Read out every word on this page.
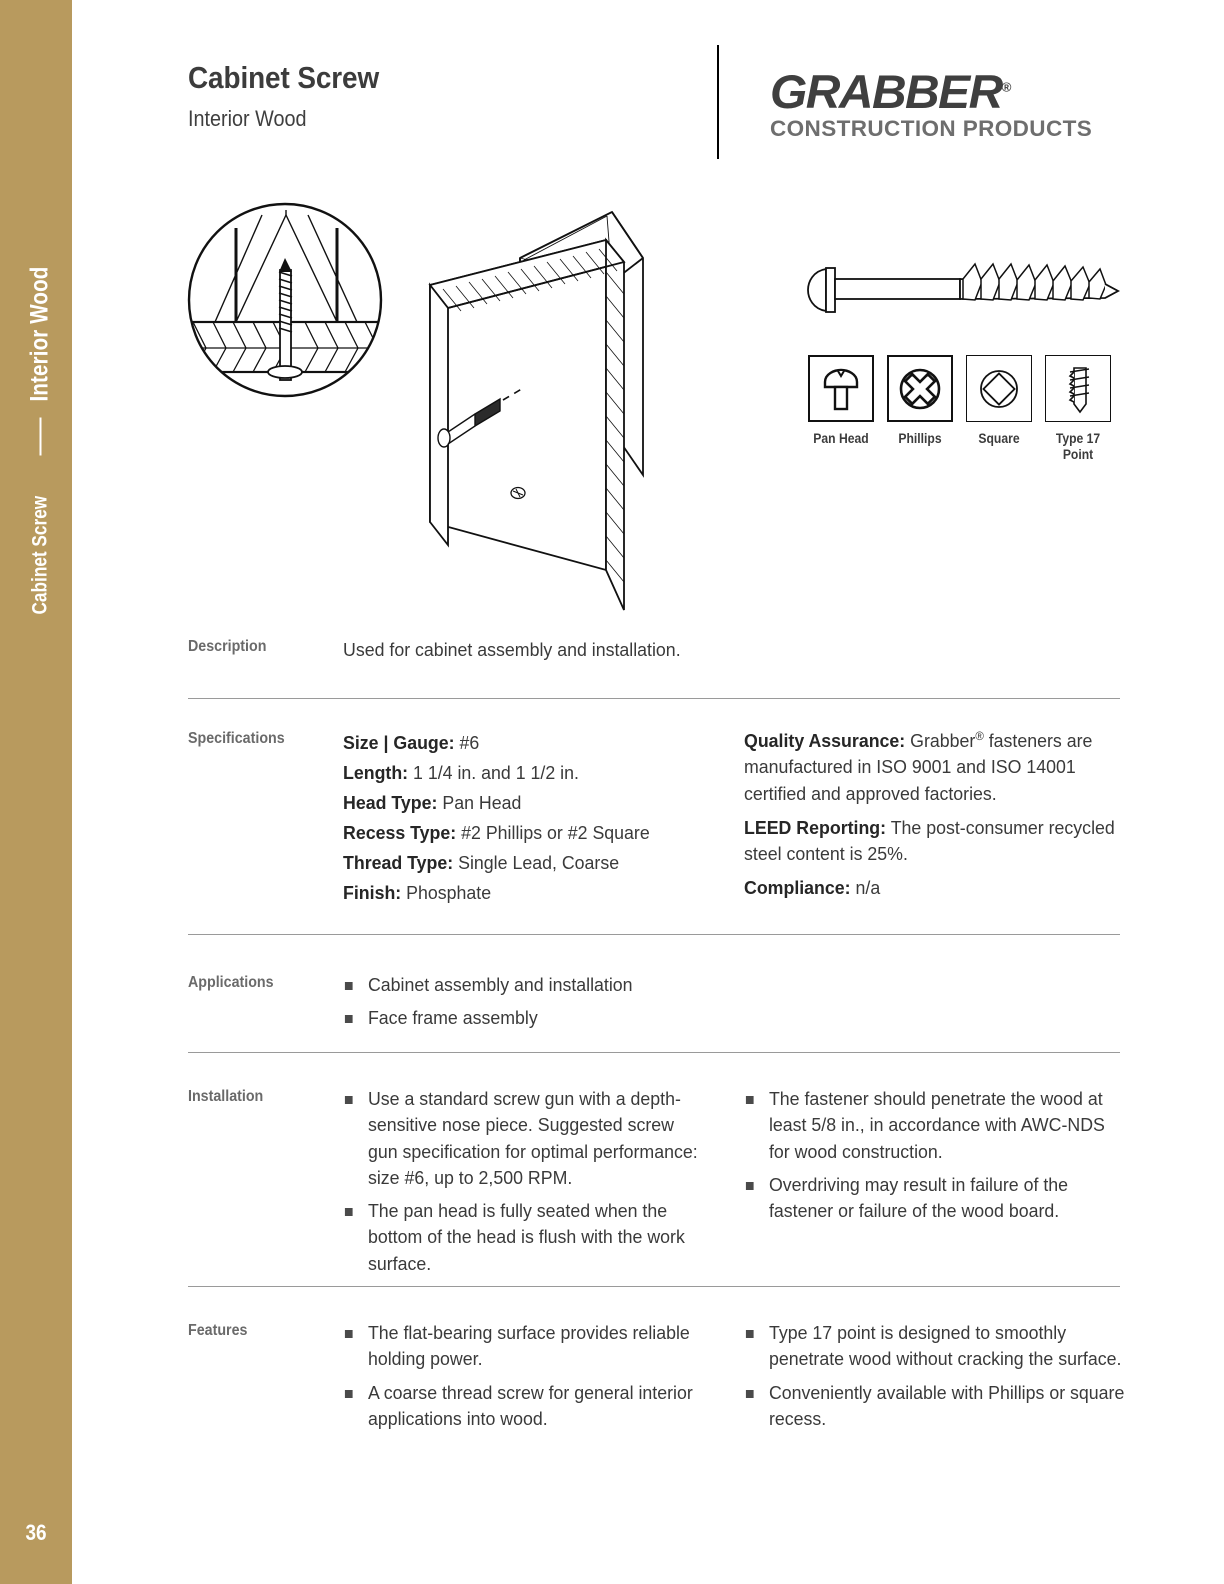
Cabinet Screw
Interior Wood
36
Cabinet Screw
Interior Wood
GRABBER®
CONSTRUCTION PRODUCTS
Pan Head	Phillips	Square	Type 17
Point
Description	Used for cabinet assembly and installation.
Specifications	Size | Gauge: #6
Length: 1 1/4 in. and 1 1/2 in.
Head Type: Pan Head
Recess Type: #2 Phillips or #2 Square
Thread Type: Single Lead, Coarse
Finish: Phosphate
Quality Assurance: Grabber® fasteners are manufactured in ISO 9001 and ISO 14001 certified and approved factories.
LEED Reporting: The post-consumer recycled steel content is 25%.
Compliance: n/a
Applications	Cabinet assembly and installation
Face frame assembly
Installation	Use a standard screw gun with a depth-sensitive nose piece. Suggested screw gun specification for optimal performance: size #6, up to 2,500 RPM.
The pan head is fully seated when the bottom of the head is flush with the work surface.
The fastener should penetrate the wood at least 5/8 in., in accordance with AWC-NDS for wood construction.
Overdriving may result in failure of the fastener or failure of the wood board.
Features	The flat-bearing surface provides reliable holding power.
A coarse thread screw for general interior applications into wood.
Type 17 point is designed to smoothly penetrate wood without cracking the surface.
Conveniently available with Phillips or square recess.
